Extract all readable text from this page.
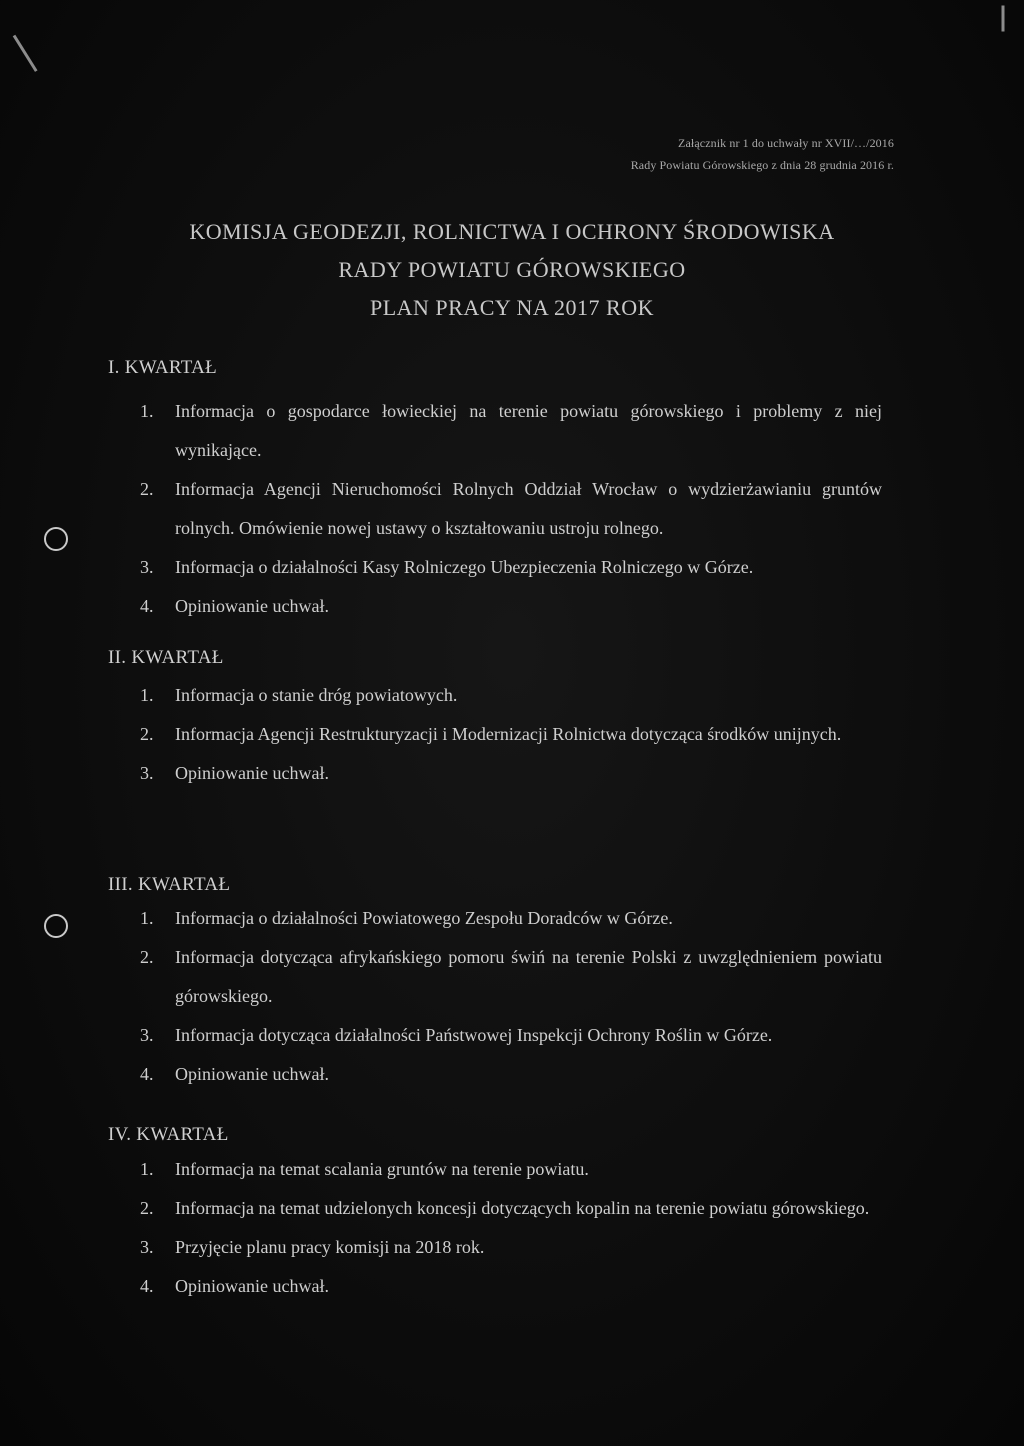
Załącznik nr 1 do uchwały nr XVII/…/2016
Rady Powiatu Górowskiego z dnia 28 grudnia 2016 r.
KOMISJA GEODEZJI, ROLNICTWA I OCHRONY ŚRODOWISKA
RADY POWIATU GÓROWSKIEGO
PLAN PRACY NA 2017 ROK
I. KWARTAŁ
1. Informacja o gospodarce łowieckiej na terenie powiatu górowskiego i problemy z niej wynikające.
2. Informacja Agencji Nieruchomości Rolnych Oddział Wrocław o wydzierżawianiu gruntów rolnych. Omówienie nowej ustawy o kształtowaniu ustroju rolnego.
3. Informacja o działalności Kasy Rolniczego Ubezpieczenia Rolniczego w Górze.
4. Opiniowanie uchwał.
II. KWARTAŁ
1. Informacja o stanie dróg powiatowych.
2. Informacja Agencji Restrukturyzacji i Modernizacji Rolnictwa dotycząca środków unijnych.
3. Opiniowanie uchwał.
III. KWARTAŁ
1. Informacja o działalności Powiatowego Zespołu Doradców w Górze.
2. Informacja dotycząca afrykańskiego pomoru świń na terenie Polski z uwzględnieniem powiatu górowskiego.
3. Informacja dotycząca działalności Państwowej Inspekcji Ochrony Roślin w Górze.
4. Opiniowanie uchwał.
IV. KWARTAŁ
1. Informacja na temat scalania gruntów na terenie powiatu.
2. Informacja na temat udzielonych koncesji dotyczących kopalin na terenie powiatu górowskiego.
3. Przyjęcie planu pracy komisji na 2018 rok.
4. Opiniowanie uchwał.
